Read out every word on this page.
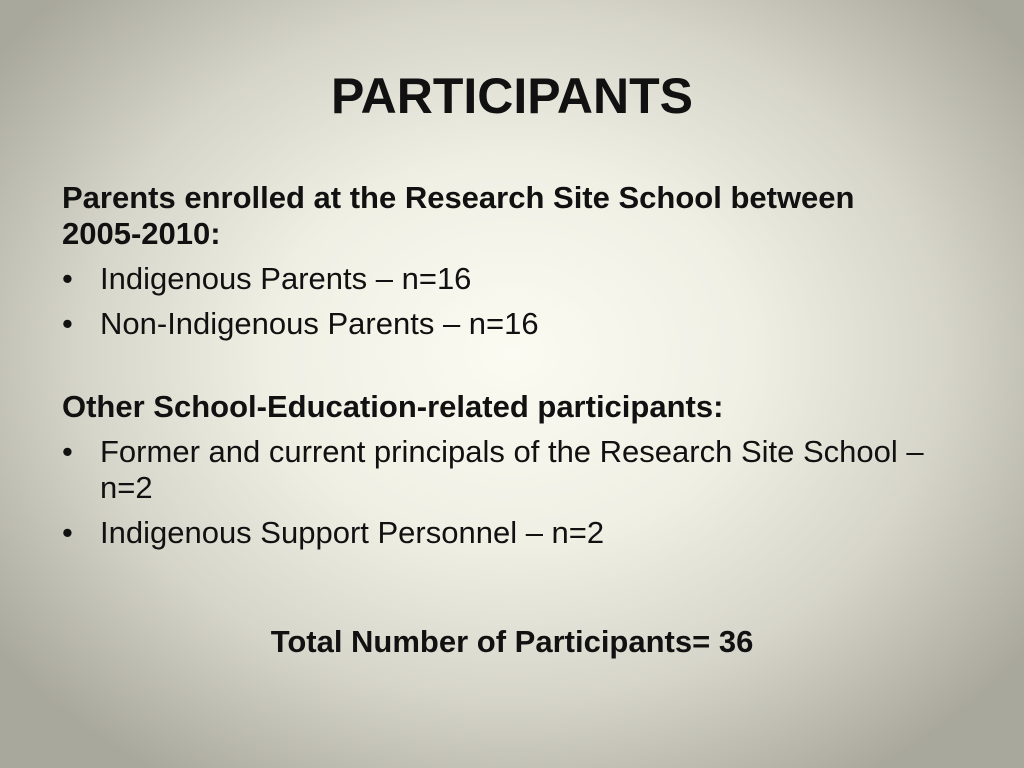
PARTICIPANTS

Parents enrolled at the Research Site School between 2005-2010:

• Indigenous Parents – n=16
• Non-Indigenous Parents – n=16

Other School-Education-related participants:

• Former and current principals of the Research Site School – n=2
• Indigenous Support Personnel – n=2
Total Number of Participants= 36
